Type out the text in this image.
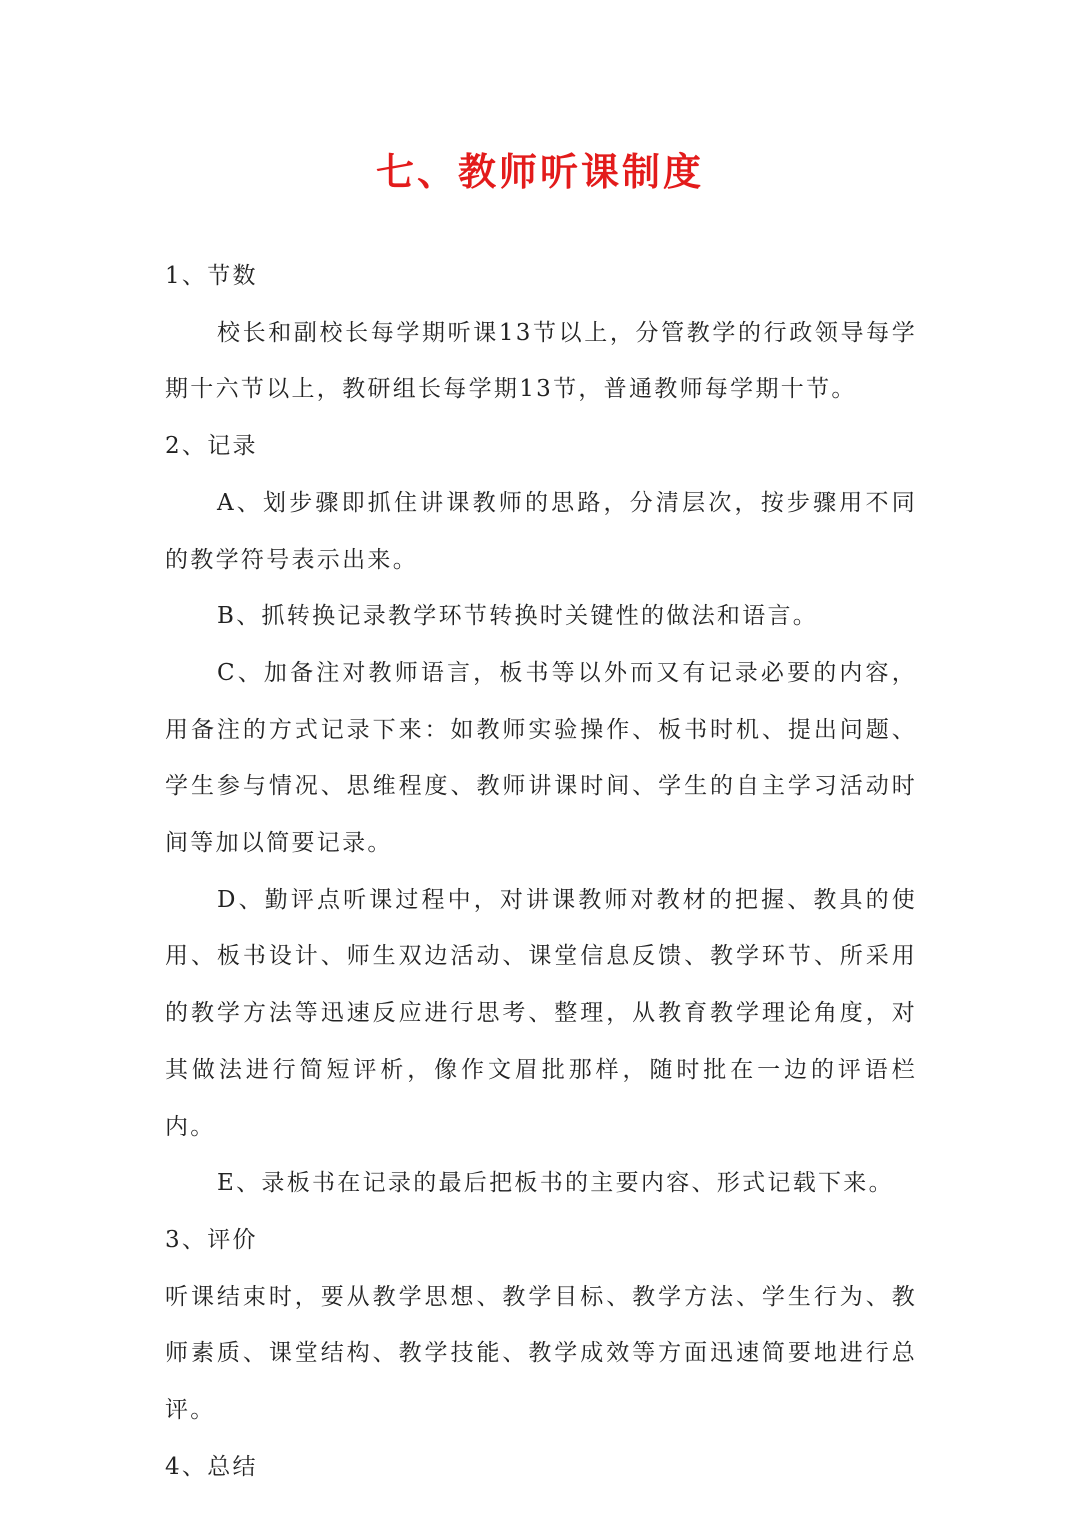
七、教师听课制度

1、节数

校长和副校长每学期听课13节以上，分管教学的行政领导每学期十六节以上，教研组长每学期13节，普通教师每学期十节。

2、记录

A、划步骤即抓住讲课教师的思路，分清层次，按步骤用不同的教学符号表示出来。

B、抓转换记录教学环节转换时关键性的做法和语言。

C、加备注对教师语言，板书等以外而又有记录必要的内容，用备注的方式记录下来：如教师实验操作、板书时机、提出问题、学生参与情况、思维程度、教师讲课时间、学生的自主学习活动时间等加以简要记录。

D、勤评点听课过程中，对讲课教师对教材的把握、教具的使用、板书设计、师生双边活动、课堂信息反馈、教学环节、所采用的教学方法等迅速反应进行思考、整理，从教育教学理论角度，对其做法进行简短评析，像作文眉批那样，随时批在一边的评语栏内。

E、录板书在记录的最后把板书的主要内容、形式记载下来。

3、评价

听课结束时，要从教学思想、教学目标、教学方法、学生行为、教师素质、课堂结构、教学技能、教学成效等方面迅速简要地进行总评。

4、总结
